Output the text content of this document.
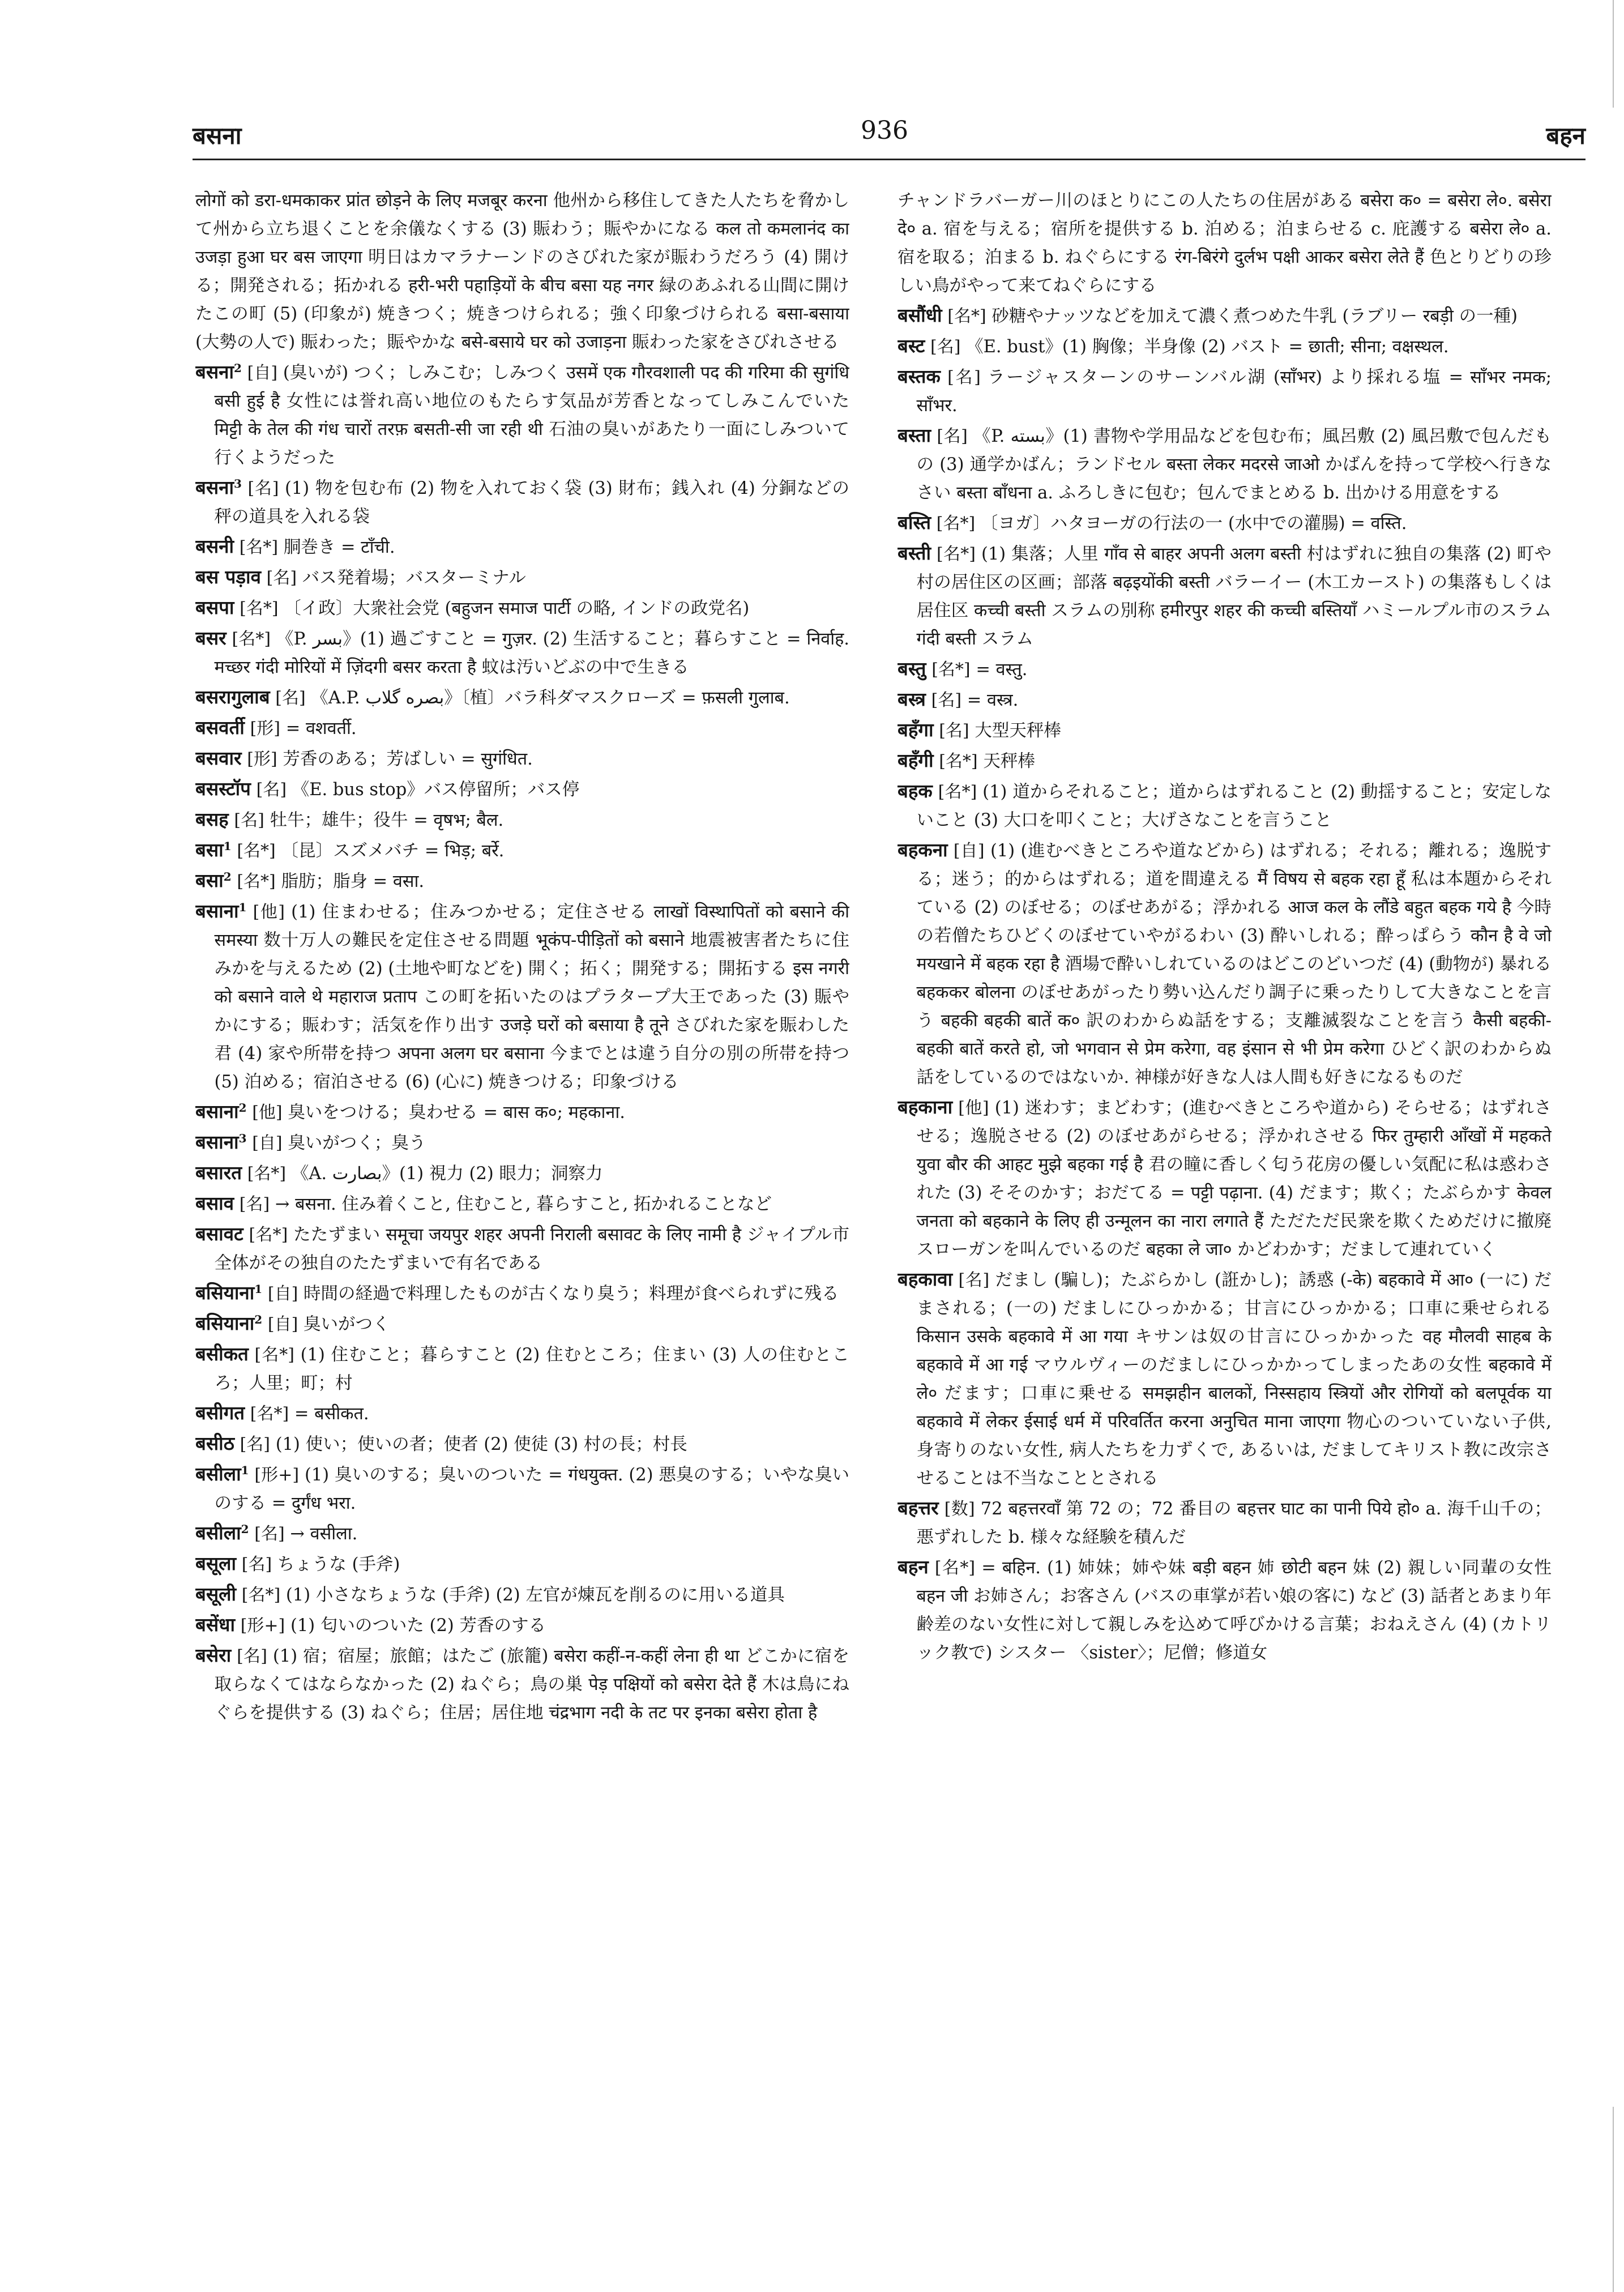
बसना	936	बहन
लोगों को डरा-धमकाकर प्रांत छोड़ने के लिए मजबूर करना 他州から移住してきた人たちを脅かして州から立ち退くことを余儀なくする (3) 賑わう；賑やかになる कल तो कमलानंद का उजड़ा हुआ घर बस जाएगा 明日はカマラナーンドのさびれた家が賑わうだろう (4) 開ける；開発される；拓かれる हरी-भरी पहाड़ियों के बीच बसा यह नगर 緑のあふれる山間に開けたこの町 (5) (印象が) 焼きつく；焼きつけられる；強く印象づけられる बसा-बसाया (大勢の人で) 賑わった；賑やかな बसे-बसाये घर को उजाड़ना 賑わった家をさびれさせる
बसना$^2$ [自] (臭いが) つく；しみこむ；しみつく उसमें एक गौरवशाली पद की गरिमा की सुगंधि बसी हुई है 女性には誉れ高い地位のもたらす気品が芳香となってしみこんでいた मिट्टी के तेल की गंध चारों तरफ़ बसती-सी जा रही थी 石油の臭いがあたり一面にしみついて行くようだった
बसना$^3$ [名] (1) 物を包む布 (2) 物を入れておく袋 (3) 財布；銭入れ (4) 分銅などの秤の道具を入れる袋
बसनी [名*] 胴巻き = टाँची.
बस पड़ाव [名] バス発着場；バスターミナル
बसपा [名*] 〔イ政〕大衆社会党 (बहुजन समाज पार्टी の略, インドの政党名)
बसर [名*] 《P. بسر》(1) 過ごすこと = गुज़र. (2) 生活すること；暮らすこと = निर्वाह. मच्छर गंदी मोरियों में ज़िंदगी बसर करता है 蚊は汚いどぶの中で生きる
बसरागुलाब [名] 《A.P. بصره گلاب》〔植〕バラ科ダマスクローズ = फ़सली गुलाब.
बसवर्ती [形] = वशवर्ती.
बसवार [形] 芳香のある；芳ばしい = सुगंधित.
बसस्टॉप [名] 《E. bus stop》バス停留所；バス停
बसह [名] 牡牛；雄牛；役牛 = वृषभ; बैल.
बसा$^1$ [名*] 〔昆〕スズメバチ = भिड़; बर्रे.
बसा$^2$ [名*] 脂肪；脂身 = वसा.
बसाना$^1$ [他] (1) 住まわせる；住みつかせる；定住させる लाखों विस्थापितों को बसाने की समस्या 数十万人の難民を定住させる問題 भूकंप-पीड़ितों को बसाने 地震被害者たちに住みかを与えるため (2) (土地や町などを) 開く；拓く；開発する；開拓する इस नगरी को बसाने वाले थे महाराज प्रताप この町を拓いたのはプラタープ大王であった (3) 賑やかにする；賑わす；活気を作り出す उजड़े घरों को बसाया है तूने さびれた家を賑わした君 (4) 家や所帯を持つ अपना अलग घर बसाना 今までとは違う自分の別の所帯を持つ (5) 泊める；宿泊させる (6) (心に) 焼きつける；印象づける
बसाना$^2$ [他] 臭いをつける；臭わせる = बास क०; महकाना.
बसाना$^3$ [自] 臭いがつく；臭う
बसारत [名*] 《A. بصارت》(1) 視力 (2) 眼力；洞察力
बसाव [名] → बसना. 住み着くこと, 住むこと, 暮らすこと, 拓かれることなど
बसावट [名*] たたずまい समूचा जयपुर शहर अपनी निराली बसावट के लिए नामी है ジャイプル市全体がその独自のたたずまいで有名である
बसियाना$^1$ [自] 時間の経過で料理したものが古くなり臭う；料理が食べられずに残る
बसियाना$^2$ [自] 臭いがつく
बसीकत [名*] (1) 住むこと；暮らすこと (2) 住むところ；住まい (3) 人の住むところ；人里；町；村
बसीगत [名*] = बसीकत.
बसीठ [名] (1) 使い；使いの者；使者 (2) 使徒 (3) 村の長；村長
बसीला$^1$ [形+] (1) 臭いのする；臭いのついた = गंधयुक्त. (2) 悪臭のする；いやな臭いのする = दुर्गंध भरा.
बसीला$^2$ [名] → वसीला.
बसूला [名] ちょうな (手斧)
बसूली [名*] (1) 小さなちょうな (手斧) (2) 左官が煉瓦を削るのに用いる道具
बसेंधा [形+] (1) 匂いのついた (2) 芳香のする
बसेरा [名] (1) 宿；宿屋；旅館；はたご (旅籠) बसेरा कहीं-न-कहीं लेना ही था どこかに宿を取らなくてはならなかった (2) ねぐら；鳥の巣 पेड़ पक्षियों को बसेरा देते हैं 木は鳥にねぐらを提供する (3) ねぐら；住居；居住地 चंद्रभाग नदी के तट पर इनका बसेरा होता है
チャンドラバーガー川のほとりにこの人たちの住居がある बसेरा क० = बसेरा ले०. बसेरा दे० a. 宿を与える；宿所を提供する b. 泊める；泊まらせる c. 庇護する बसेरा ले० a. 宿を取る；泊まる b. ねぐらにする रंग-बिरंगे दुर्लभ पक्षी आकर बसेरा लेते हैं 色とりどりの珍しい鳥がやって来てねぐらにする
बसौंधी [名*] 砂糖やナッツなどを加えて濃く煮つめた牛乳 (ラブリー रबड़ी の一種)
बस्ट [名] 《E. bust》(1) 胸像；半身像 (2) バスト = छाती; सीना; वक्षस्थल.
बस्तक [名] ラージャスターンのサーンバル湖 (साँभर) より採れる塩 = साँभर नमक; साँभर.
बस्ता [名] 《P. بسته》(1) 書物や学用品などを包む布；風呂敷 (2) 風呂敷で包んだもの (3) 通学かばん；ランドセル बस्ता लेकर मदरसे जाओ かばんを持って学校へ行きなさい बस्ता बाँधना a. ふろしきに包む；包んでまとめる b. 出かける用意をする
बस्ति [名*] 〔ヨガ〕ハタヨーガの行法の一 (水中での灌腸) = वस्ति.
बस्ती [名*] (1) 集落；人里 गाँव से बाहर अपनी अलग बस्ती 村はずれに独自の集落 (2) 町や村の居住区の区画；部落 बढ़इयोंकी बस्ती バラーイー (木工カースト) の集落もしくは居住区 कच्ची बस्ती スラムの別称 हमीरपुर शहर की कच्ची बस्तियाँ ハミールプル市のスラム गंदी बस्ती スラム
बस्तु [名*] = वस्तु.
बस्त्र [名] = वस्त्र.
बहँगा [名] 大型天秤棒
बहँगी [名*] 天秤棒
बहक [名*] (1) 道からそれること；道からはずれること (2) 動揺すること；安定しないこと (3) 大口を叩くこと；大げさなことを言うこと
बहकना [自] (1) (進むべきところや道などから) はずれる；それる；離れる；逸脱する；迷う；的からはずれる；道を間違える मैं विषय से बहक रहा हूँ 私は本題からそれている (2) のぼせる；のぼせあがる；浮かれる आज कल के लौंडे बहुत बहक गये है 今時の若僧たちひどくのぼせていやがるわい (3) 酔いしれる；酔っぱらう कौन है वे जो मयखाने में बहक रहा है 酒場で酔いしれているのはどこのどいつだ (4) (動物が) 暴れる बहककर बोलना のぼせあがったり勢い込んだり調子に乗ったりして大きなことを言う बहकी बहकी बातें क० 訳のわからぬ話をする；支離滅裂なことを言う कैसी बहकी-बहकी बातें करते हो, जो भगवान से प्रेम करेगा, वह इंसान से भी प्रेम करेगा ひどく訳のわからぬ話をしているのではないか. 神様が好きな人は人間も好きになるものだ
बहकाना [他] (1) 迷わす；まどわす；(進むべきところや道から) そらせる；はずれさせる；逸脱させる (2) のぼせあがらせる；浮かれさせる फिर तुम्हारी आँखों में महकते युवा बौर की आहट मुझे बहका गई है 君の瞳に香しく匂う花房の優しい気配に私は惑わされた (3) そそのかす；おだてる = पट्टी पढ़ाना. (4) だます；欺く；たぶらかす केवल जनता को बहकाने के लिए ही उन्मूलन का नारा लगाते हैं ただただ民衆を欺くためだけに撤廃スローガンを叫んでいるのだ बहका ले जा० かどわかす；だまして連れていく
बहकावा [名] だまし (騙し)；たぶらかし (誑かし)；誘惑 (-के) बहकावे में आ० (一に) だまされる；(一の) だましにひっかかる；甘言にひっかかる；口車に乗せられる किसान उसके बहकावे में आ गया キサンは奴の甘言にひっかかった वह मौलवी साहब के बहकावे में आ गई マウルヴィーのだましにひっかかってしまったあの女性 बहकावे में ले० だます；口車に乗せる समझहीन बालकों, निस्सहाय स्त्रियों और रोगियों को बलपूर्वक या बहकावे में लेकर ईसाई धर्म में परिवर्तित करना अनुचित माना जाएगा 物心のついていない子供, 身寄りのない女性, 病人たちを力ずくで, あるいは, だましてキリスト教に改宗させることは不当なこととされる
बहत्तर [数] 72 बहत्तरवाँ 第 72 の；72 番目の बहत्तर घाट का पानी पिये हो० a. 海千山千の；悪ずれした b. 様々な経験を積んだ
बहन [名*] = बहिन. (1) 姉妹；姉や妹 बड़ी बहन 姉 छोटी बहन 妹 (2) 親しい同輩の女性 बहन जी お姉さん；お客さん (バスの車掌が若い娘の客に) など (3) 話者とあまり年齢差のない女性に対して親しみを込めて呼びかける言葉；おねえさん (4) (カトリック教で) シスター 〈sister〉；尼僧；修道女
